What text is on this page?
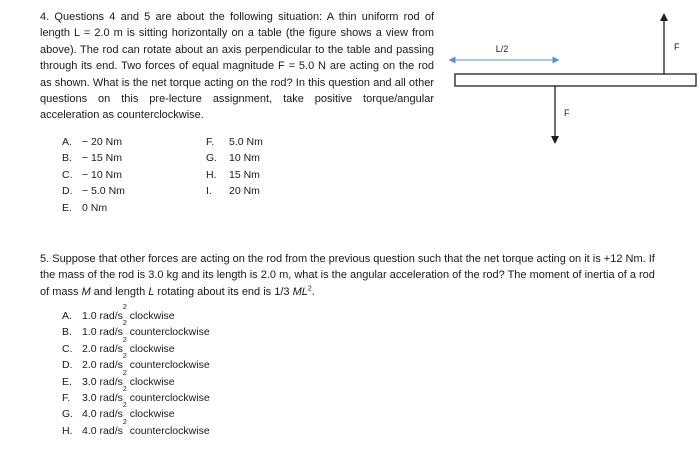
4. Questions 4 and 5 are about the following situation: A thin uniform rod of length L = 2.0 m is sitting horizontally on a table (the figure shows a view from above). The rod can rotate about an axis perpendicular to the table and passing through its end. Two forces of equal magnitude F = 5.0 N are acting on the rod as shown. What is the net torque acting on the rod? In this question and all other questions on this pre-lecture assignment, take positive torque/angular acceleration as counterclockwise.
A. − 20 Nm
B. − 15 Nm
C. − 10 Nm
D. − 5.0 Nm
E. 0 Nm
F.	5.0 Nm
G.	10 Nm
H.	15 Nm
I.	20 Nm
L/2	F
F
5. Suppose that other forces are acting on the rod from the previous question such that the net torque acting on it is +12 Nm. If the mass of the rod is 3.0 kg and its length is 2.0 m, what is the angular acceleration of the rod? The moment of inertia of a rod of mass M and length L rotating about its end is 1/3 $ML^2$.
A. 1.0
rad/s
2

clockwise
B. 1.0
rad/s
2

counterclockwise
C. 2.0
rad/s
2

clockwise
D. 2.0
rad/s
2

counterclockwise
E. 3.0
rad/s
2

clockwise
F.	3.0
rad/s
2

counterclockwise
G. 4.0
rad/s
2

clockwise
H. 4.0
rad/s
2

counterclockwise
